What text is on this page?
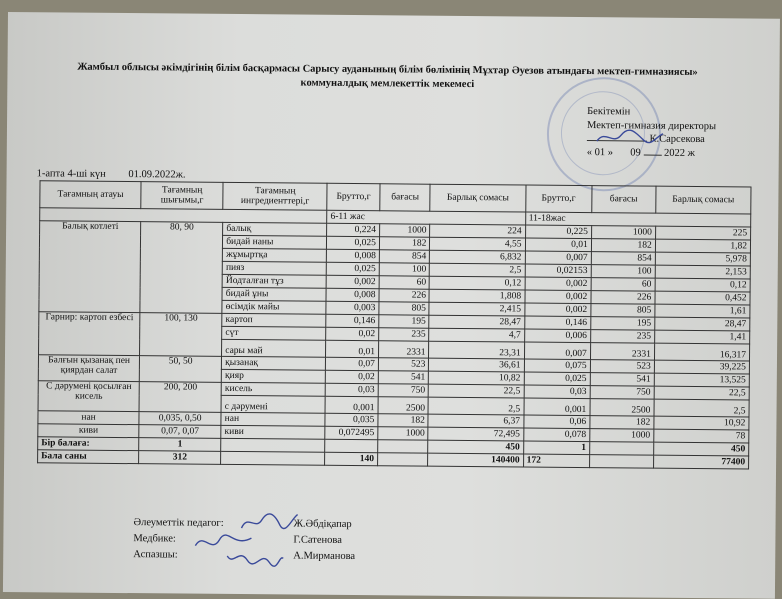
Жамбыл облысы әкімдігінің білім басқармасы Сарысу ауданының білім бөлімінің Мұхтар Әуезов атындағы мектеп-гимназиясы»
коммуналдық мемлекеттік мекемесі
Бекітемін
Мектеп-гимназия директоры
К.Сарсекова
« 01 » 09 2022 ж
1-апта 4-ші күн 01.09.2022ж.
Тағамның атауы	Тағамның шығымы,г	Тағамның ингредиенттері,г	Брутто,г	бағасы	Барлық сомасы	Брутто,г	бағасы	Барлық сомасы
			6-11 жас			11-18жас		
Балық котлеті	80, 90	балық	0,224	1000	224	0,225	1000	225
		бидай наны	0,025	182	4,55	0,01	182	1,82
		жұмыртқа	0,008	854	6,832	0,007	854	5,978
		пияз	0,025	100	2,5	0,02153	100	2,153
		Йодталған тұз	0,002	60	0,12	0,002	60	0,12
		бидай ұны	0,008	226	1,808	0,002	226	0,452
		өсімдік майы	0,003	805	2,415	0,002	805	1,61
Гарнир: картоп езбесі	100, 130	картоп	0,146	195	28,47	0,146	195	28,47
		сүт	0,02	235	4,7	0,006	235	1,41
		сары май	0,01	2331	23,31	0,007	2331	16,317
Балғын қызанақ пен қиярдан салат	50, 50	қызанақ	0,07	523	36,61	0,075	523	39,225
		қияр	0,02	541	10,82	0,025	541	13,525
С дәрумені қосылған кисель	200, 200	кисель	0,03	750	22,5	0,03	750	22,5
		с дәрумені	0,001	2500	2,5	0,001	2500	2,5
нан	0,035, 0,50	нан	0,035	182	6,37	0,06	182	10,92
киви	0,07, 0,07	киви	0,072495	1000	72,495	0,078	1000	78
Бір балаға:	1				450	1		450
Бала саны	312		140		140400	172		77400
Әлеуметтік педагог:	Ж.Әбдіқапар
Медбике:	Г.Сатенова
Аспазшы:	А.Мирманова
